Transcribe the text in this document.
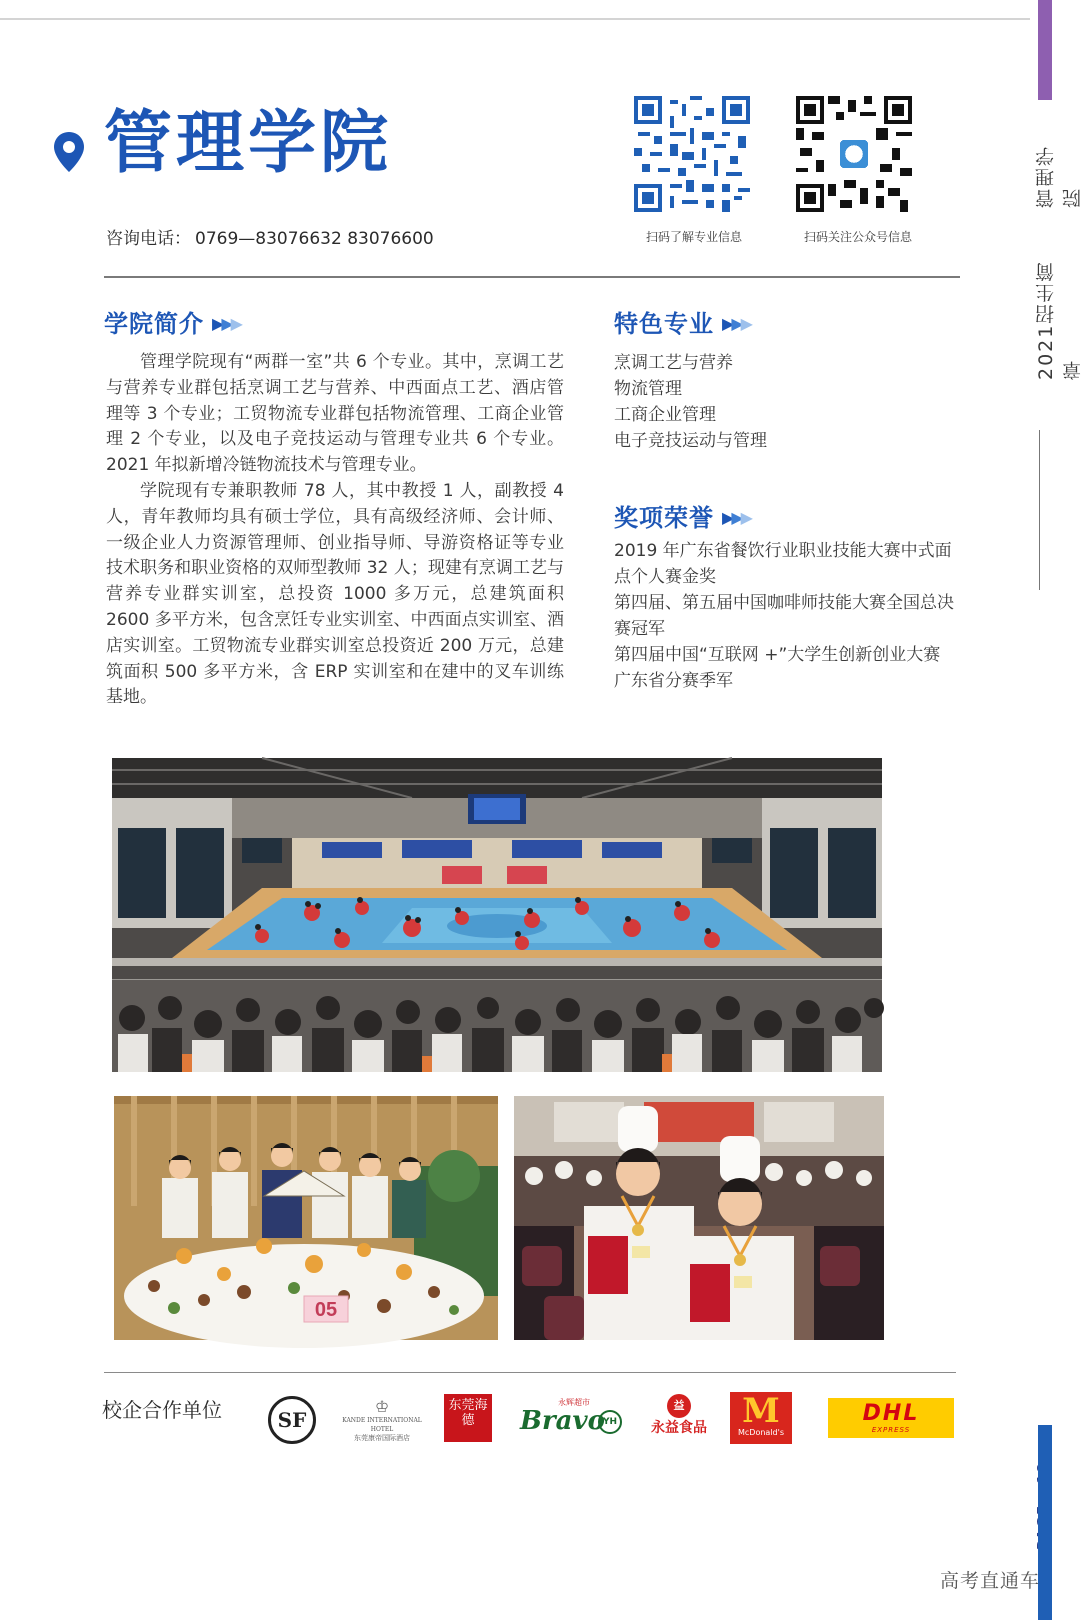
管理学院
2021招生简章
管理学院
咨询电话： 0769—83076632 83076600	扫码了解专业信息	扫码关注公众号信息
学院简介 ▶▶▶

管理学院现有“两群一室”共 6 个专业。其中，烹调工艺与营养专业群包括烹调工艺与营养、中西面点工艺、酒店管理等 3 个专业；工贸物流专业群包括物流管理、工商企业管理 2 个专业，以及电子竞技运动与管理专业共 6 个专业。2021 年拟新增冷链物流技术与管理专业。

学院现有专兼职教师 78 人，其中教授 1 人，副教授 4 人，青年教师均具有硕士学位，具有高级经济师、会计师、一级企业人力资源管理师、创业指导师、导游资格证等专业技术职务和职业资格的双师型教师 32 人；现建有烹调工艺与营养专业群实训室，总投资 1000 多万元，总建筑面积 2600 多平方米，包含烹饪专业实训室、中西面点实训室、酒店实训室。工贸物流专业群实训室总投资近 200 万元，总建筑面积 500 多平方米，含 ERP 实训室和在建中的叉车训练基地。

特色专业 ▶▶▶
烹调工艺与营养
物流管理
工商企业管理
电子竞技运动与管理
奖项荣誉 ▶▶▶
2019 年广东省餐饮行业职业技能大赛中式面点个人赛金奖
第四届、第五届中国咖啡师技能大赛全国总决赛冠军
第四届中国“互联网 +”大学生创新创业大赛广东省分赛季军
05
校企合作单位	SF
♔
KANDE INTERNATIONAL HOTEL
东莞康帝国际酒店
东莞海德
永辉超市
Bravo
YH
益
永益食品	M
McDonald's
DHL
EXPRESS
高考直通车
